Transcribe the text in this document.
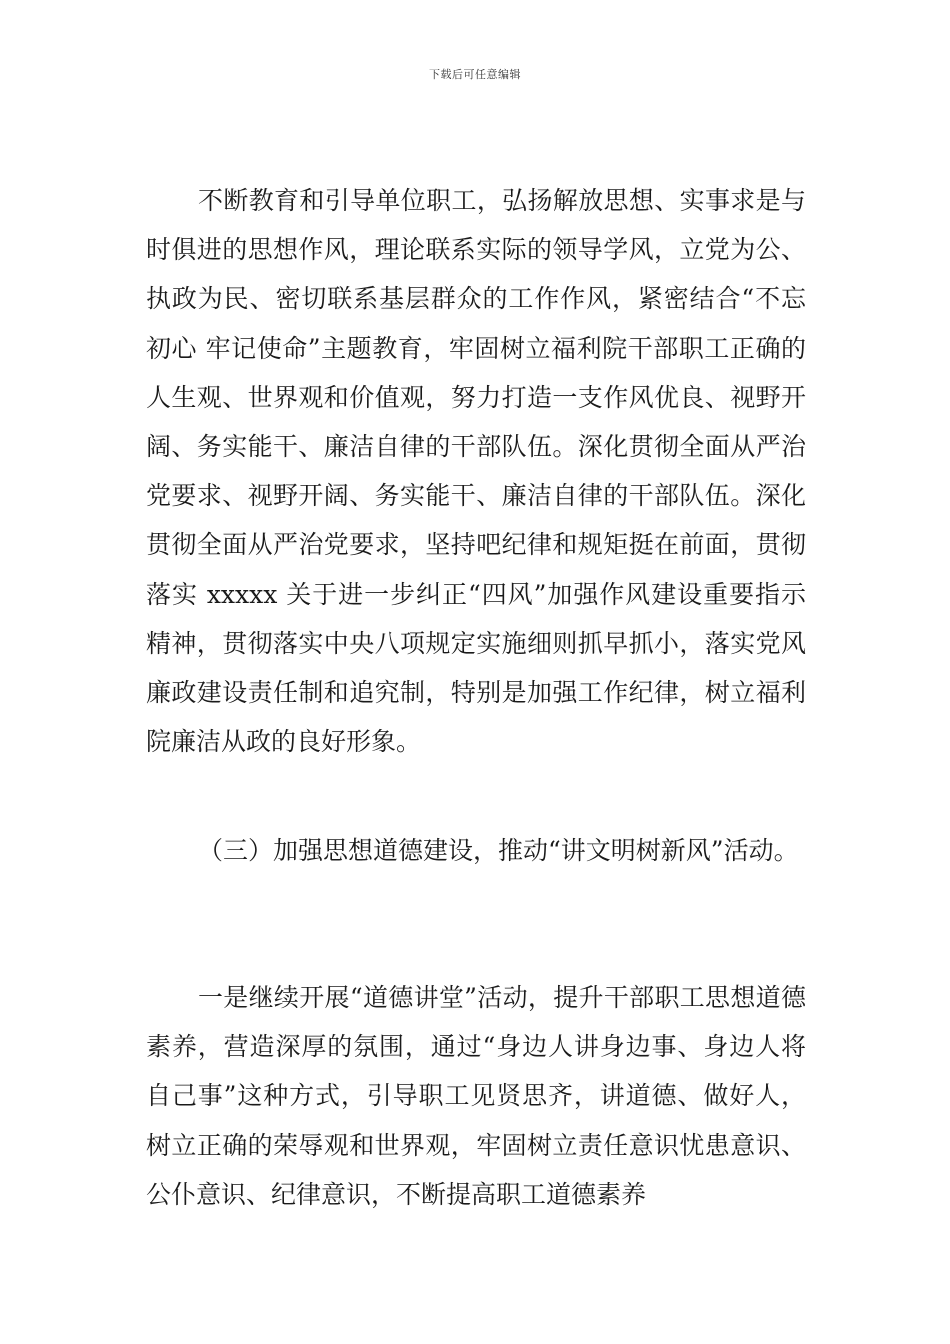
下载后可任意编辑

不断教育和引导单位职工，弘扬解放思想、实事求是与时俱进的思想作风，理论联系实际的领导学风，立党为公、执政为民、密切联系基层群众的工作作风，紧密结合“不忘初心 牢记使命”主题教育，牢固树立福利院干部职工正确的人生观、世界观和价值观，努力打造一支作风优良、视野开阔、务实能干、廉洁自律的干部队伍。深化贯彻全面从严治党要求、视野开阔、务实能干、廉洁自律的干部队伍。深化贯彻全面从严治党要求，坚持吧纪律和规矩挺在前面，贯彻落实 xxxxx 关于进一步纠正“四风”加强作风建设重要指示精神，贯彻落实中央八项规定实施细则抓早抓小，落实党风廉政建设责任制和追究制，特别是加强工作纪律，树立福利院廉洁从政的良好形象。

（三）加强思想道德建设，推动“讲文明树新风”活动。

一是继续开展“道德讲堂”活动，提升干部职工思想道德素养，营造深厚的氛围，通过“身边人讲身边事、身边人将自己事”这种方式，引导职工见贤思齐，讲道德、做好人，树立正确的荣辱观和世界观，牢固树立责任意识忧患意识、公仆意识、纪律意识，不断提高职工道德素养
